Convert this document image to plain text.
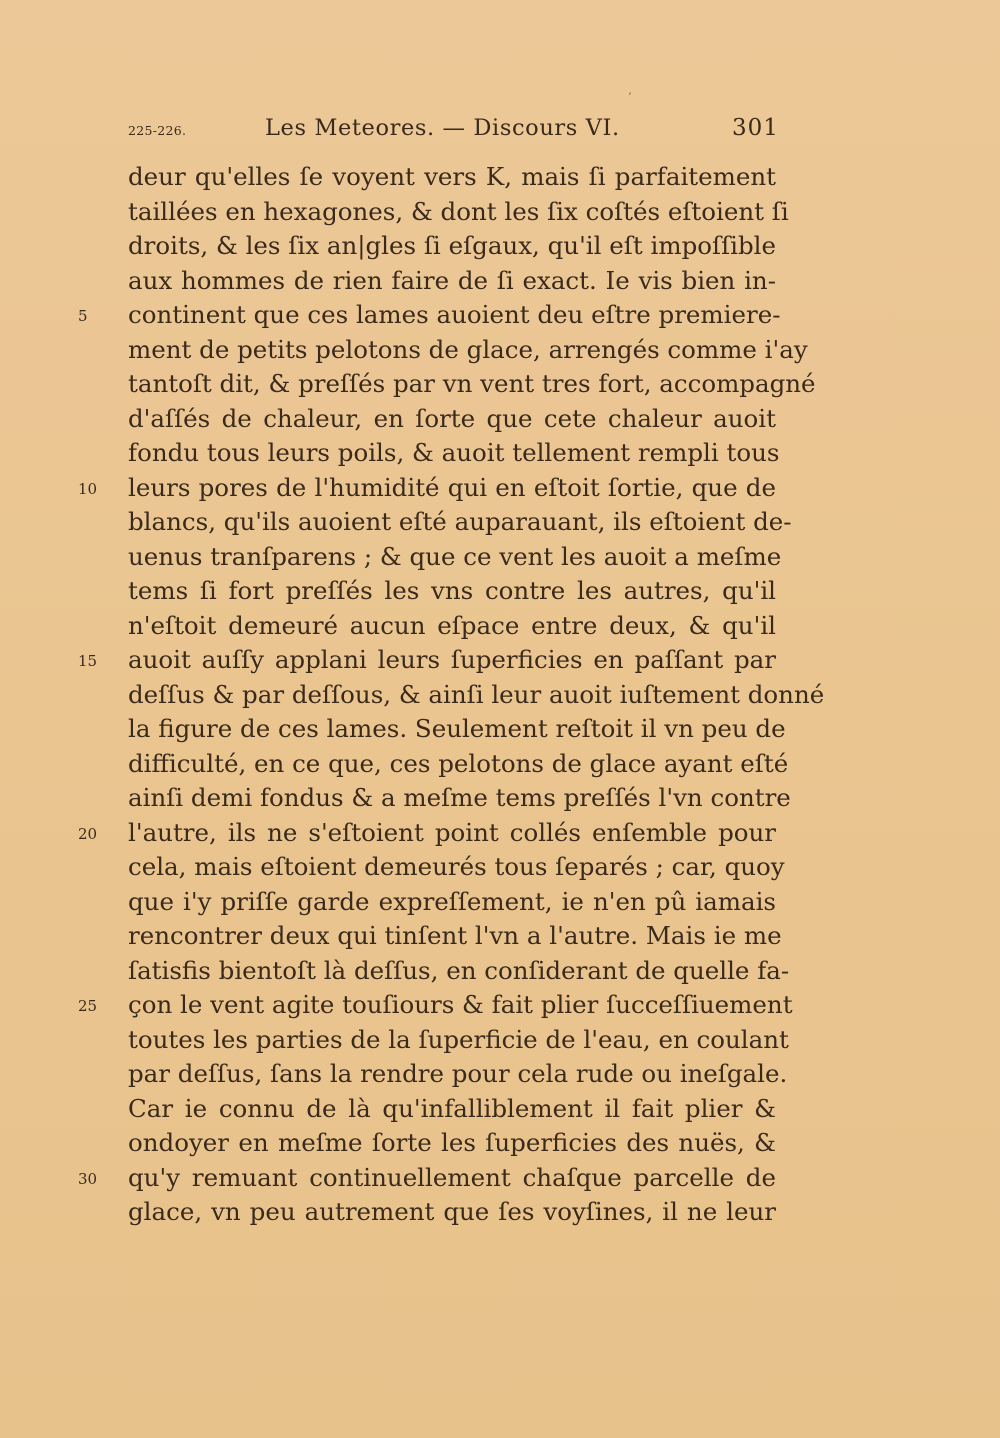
ʼ
225-226.	Les Meteores. — Discours VI.	301
deur qu'elles ſe voyent vers K, mais ſi parfaitement
taillées en hexagones, & dont les ſix coſtés eſtoient ſi
droits, & les ſix an|gles ſi eſgaux, qu'il eſt impoſſible
aux hommes de rien faire de ſi exact. Ie vis bien in-
continent que ces lames auoient deu eſtre premiere-
ment de petits pelotons de glace, arrengés comme i'ay
tantoſt dit, & preſſés par vn vent tres fort, accompagné
d'aſſés de chaleur, en ſorte que cete chaleur auoit
fondu tous leurs poils, & auoit tellement rempli tous
leurs pores de l'humidité qui en eſtoit ſortie, que de
blancs, qu'ils auoient eſté auparauant, ils eſtoient de-
uenus tranſparens ; & que ce vent les auoit a meſme
tems ſi fort preſſés les vns contre les autres, qu'il
n'eſtoit demeuré aucun eſpace entre deux, & qu'il
auoit auſſy applani leurs ſuperficies en paſſant par
deſſus & par deſſous, & ainſi leur auoit iuſtement donné
la figure de ces lames. Seulement reſtoit il vn peu de
difficulté, en ce que, ces pelotons de glace ayant eſté
ainſi demi fondus & a meſme tems preſſés l'vn contre
l'autre, ils ne s'eſtoient point collés enſemble pour
cela, mais eſtoient demeurés tous ſeparés ; car, quoy
que i'y priſſe garde expreſſement, ie n'en pû iamais
rencontrer deux qui tinſent l'vn a l'autre. Mais ie me
ſatisfis bientoſt là deſſus, en conſiderant de quelle fa-
çon le vent agite touſiours & fait plier ſucceſſiuement
toutes les parties de la ſuperficie de l'eau, en coulant
par deſſus, ſans la rendre pour cela rude ou ineſgale.
Car ie connu de là qu'infalliblement il fait plier &
ondoyer en meſme ſorte les ſuperficies des nuës, &
qu'y remuant continuellement chaſque parcelle de
glace, vn peu autrement que ſes voyſines, il ne leur
5
10
15
20
25
30
